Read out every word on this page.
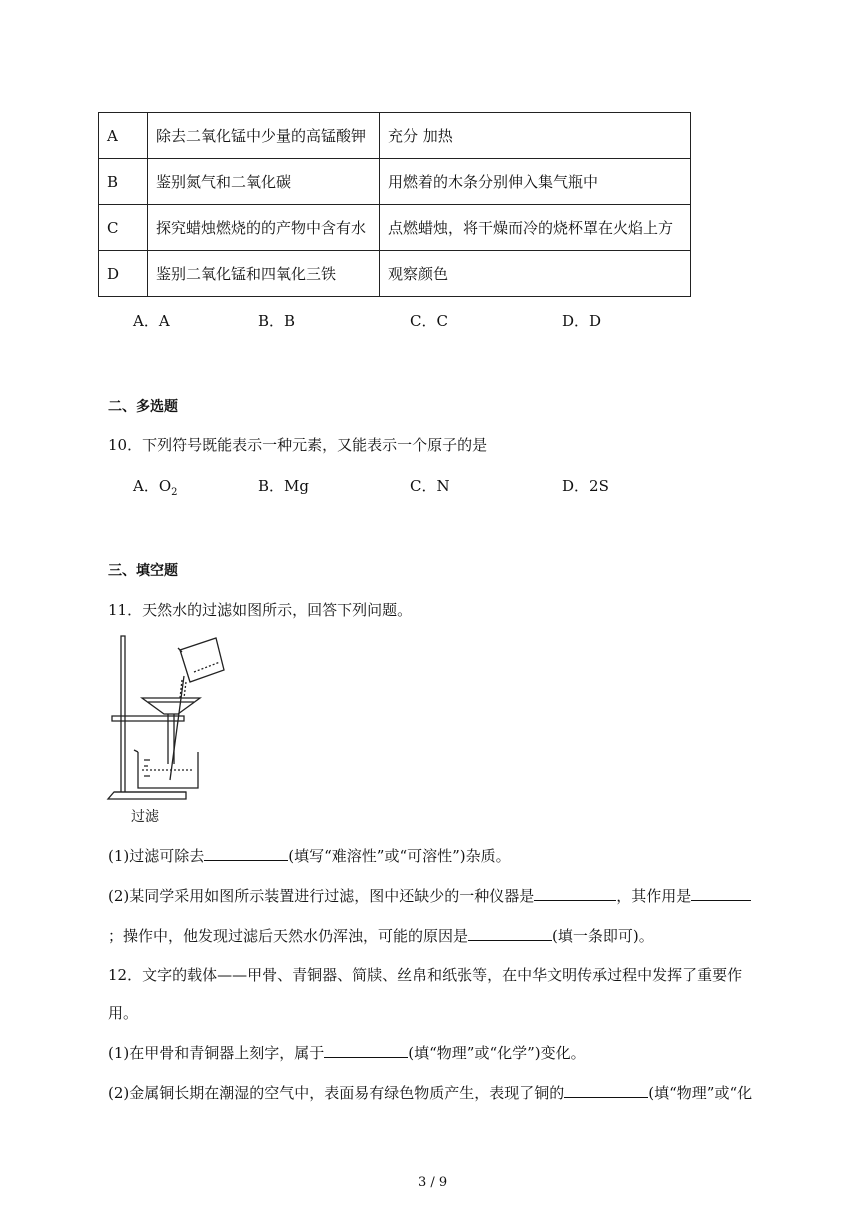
A	除去二氧化锰中少量的高锰酸钾	充分 加热
B	鉴别氮气和二氧化碳	用燃着的木条分别伸入集气瓶中
C	探究蜡烛燃烧的的产物中含有水	点燃蜡烛，将干燥而冷的烧杯罩在火焰上方
D	鉴别二氧化锰和四氧化三铁	观察颜色
A．A	B．B	C．C	D．D
二、多选题
10．下列符号既能表示一种元素，又能表示一个原子的是
A．$O_2$	B．Mg	C．N	D．2S
三、填空题
11．天然水的过滤如图所示，回答下列问题。
过滤
(1)过滤可除去	(填写“难溶性”或“可溶性”)杂质。
(2)某同学采用如图所示装置进行过滤，图中还缺少的一种仪器是	，其作用是
；操作中，他发现过滤后天然水仍浑浊，可能的原因是	(填一条即可)。
12．文字的载体——甲骨、青铜器、简牍、丝帛和纸张等，在中华文明传承过程中发挥了重要作
用。
(1)在甲骨和青铜器上刻字，属于	(填“物理”或“化学”)变化。
(2)金属铜长期在潮湿的空气中，表面易有绿色物质产生，表现了铜的	(填“物理”或“化
3 / 9
